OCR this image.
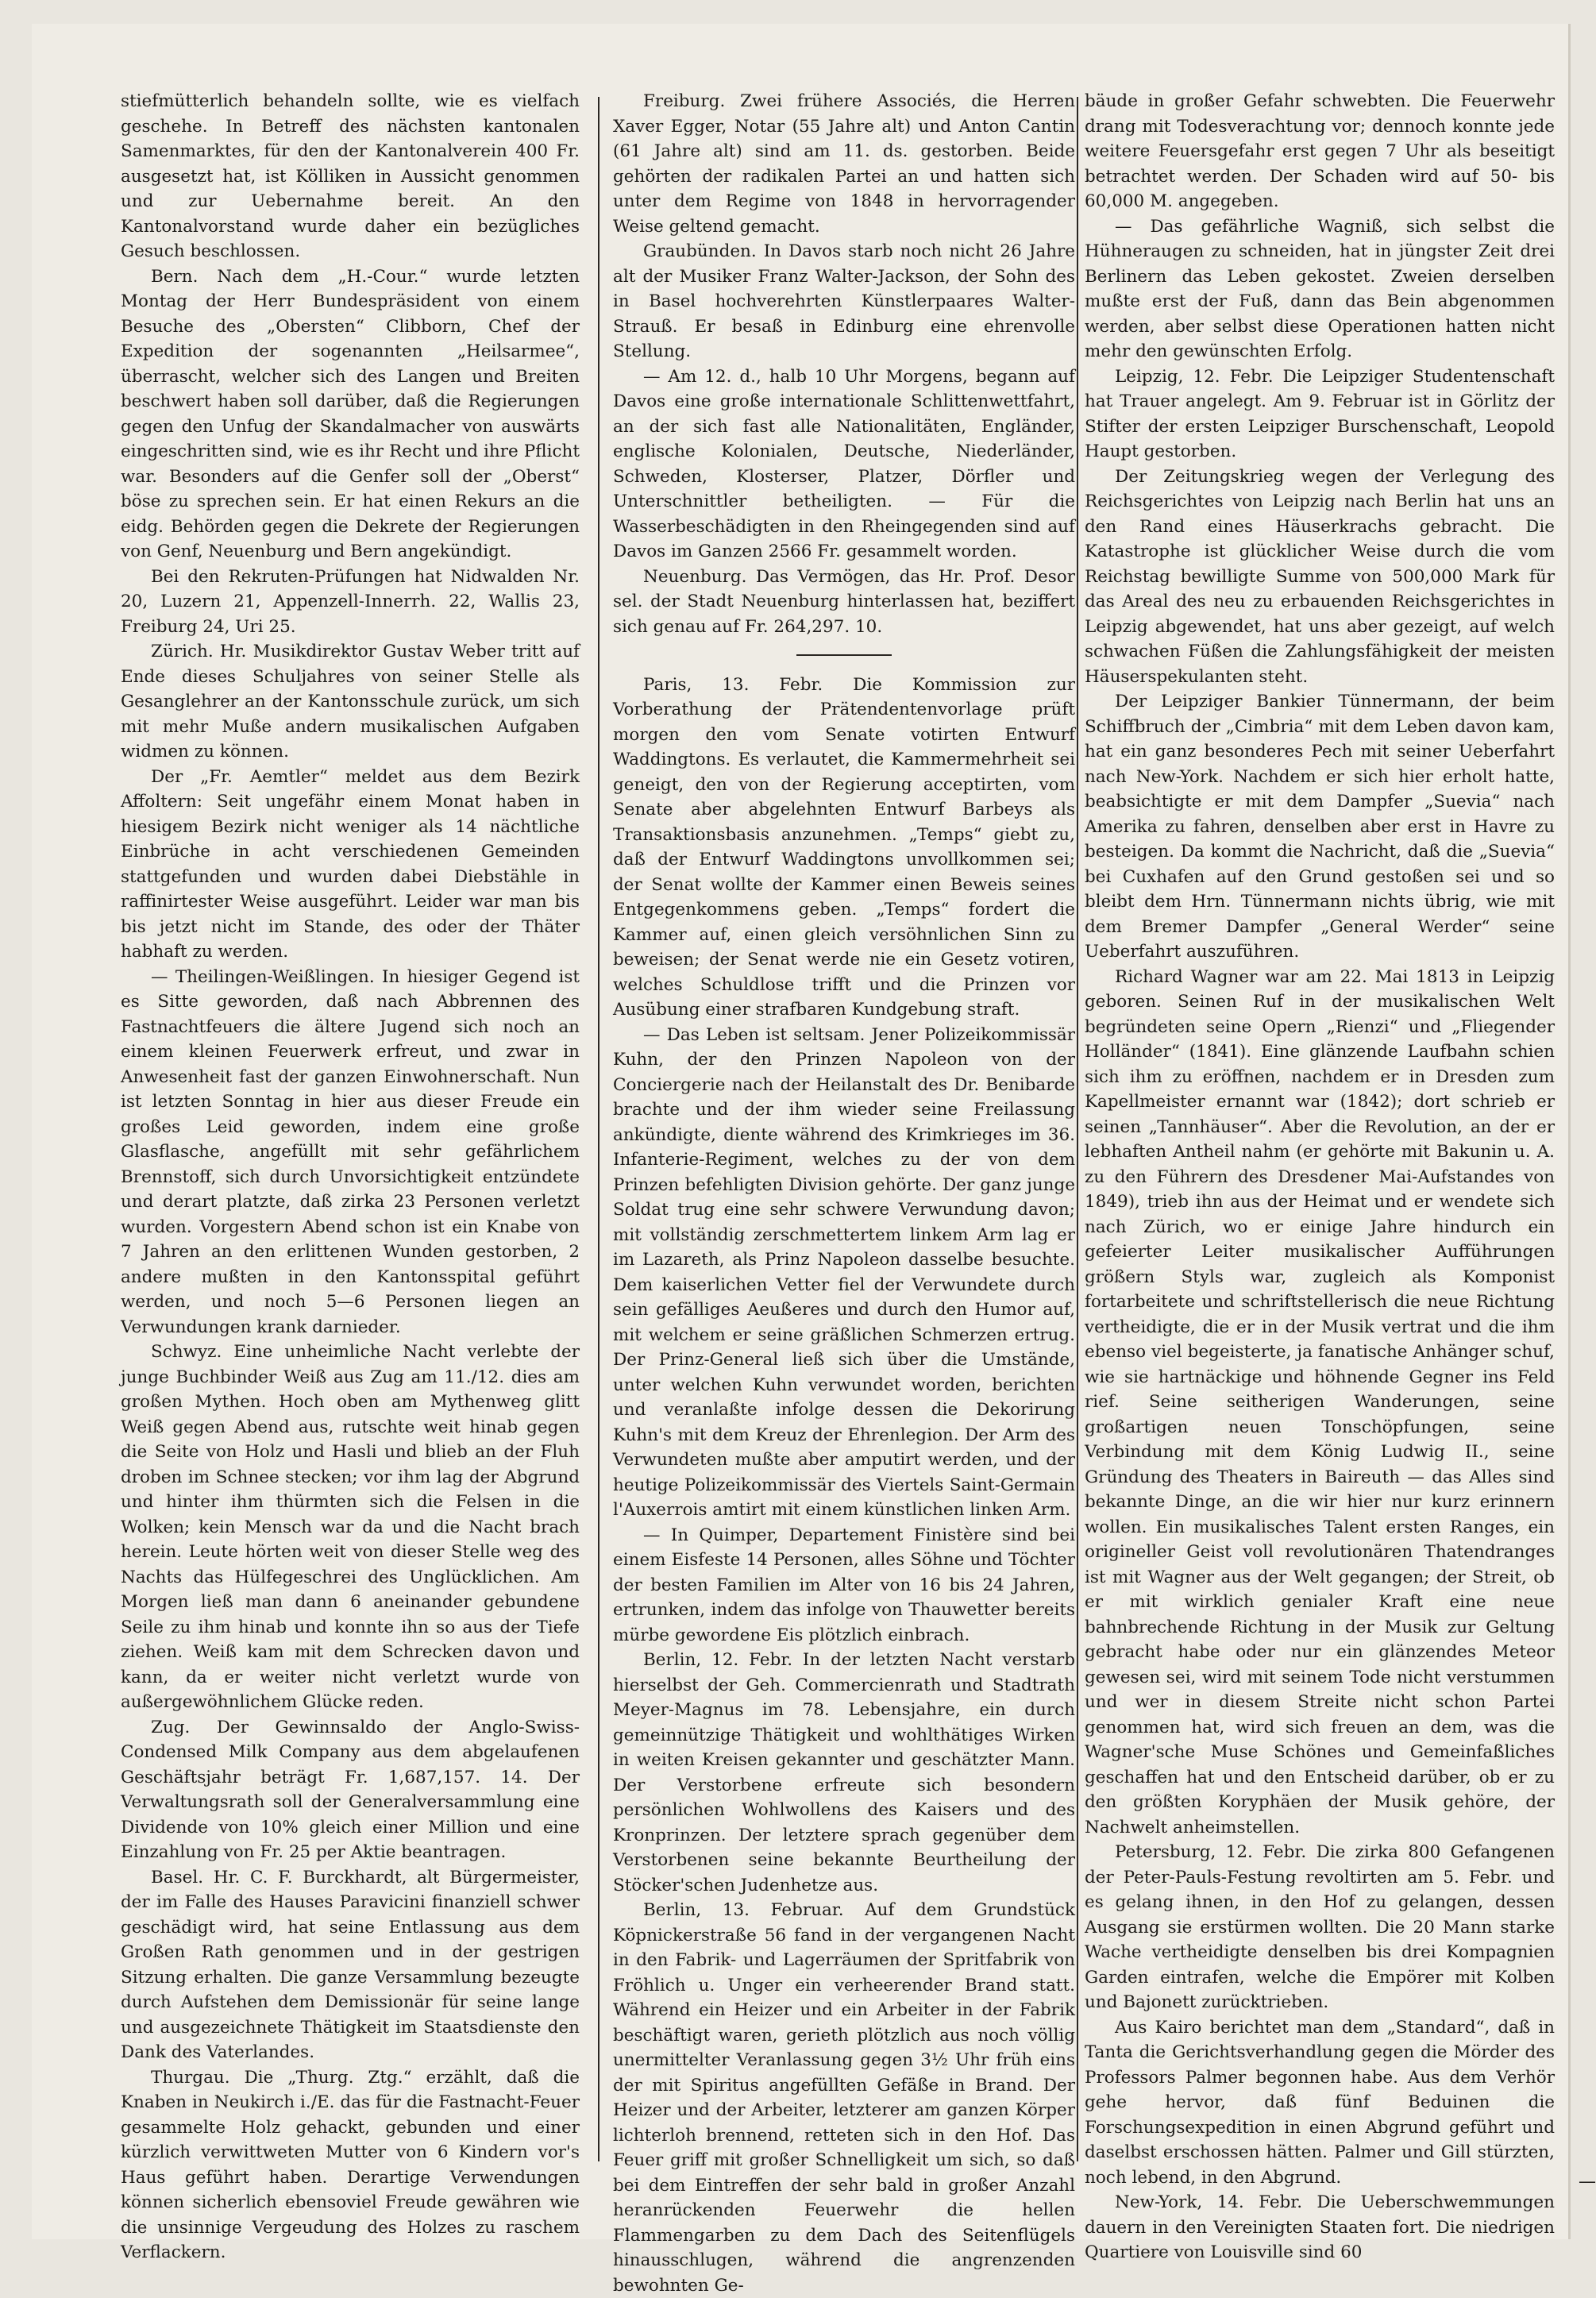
stiefmütterlich behandeln sollte, wie es vielfach geschehe. In Betreff des nächsten kantonalen Samenmarktes, für den der Kantonalverein 400 Fr. ausgesetzt hat, ist Kölliken in Aussicht genommen und zur Uebernahme bereit. An den Kantonalvorstand wurde daher ein bezügliches Gesuch beschlossen.

Bern. Nach dem „H.-Cour.“ wurde letzten Montag der Herr Bundespräsident von einem Besuche des „Obersten“ Clibborn, Chef der Expedition der sogenannten „Heilsarmee“, überrascht, welcher sich des Langen und Breiten beschwert haben soll darüber, daß die Regierungen gegen den Unfug der Skandalmacher von auswärts eingeschritten sind, wie es ihr Recht und ihre Pflicht war. Besonders auf die Genfer soll der „Oberst“ böse zu sprechen sein. Er hat einen Rekurs an die eidg. Behörden gegen die Dekrete der Regierungen von Genf, Neuenburg und Bern angekündigt.

Bei den Rekruten-Prüfungen hat Nidwalden Nr. 20, Luzern 21, Appenzell-Innerrh. 22, Wallis 23, Freiburg 24, Uri 25.

Zürich. Hr. Musikdirektor Gustav Weber tritt auf Ende dieses Schuljahres von seiner Stelle als Gesanglehrer an der Kantonsschule zurück, um sich mit mehr Muße andern musikalischen Aufgaben widmen zu können.

Der „Fr. Aemtler“ meldet aus dem Bezirk Affoltern: Seit ungefähr einem Monat haben in hiesigem Bezirk nicht weniger als 14 nächtliche Einbrüche in acht verschiedenen Gemeinden stattgefunden und wurden dabei Diebstähle in raffinirtester Weise ausgeführt. Leider war man bis bis jetzt nicht im Stande, des oder der Thäter habhaft zu werden.

— Theilingen-Weißlingen. In hiesiger Gegend ist es Sitte geworden, daß nach Abbrennen des Fastnachtfeuers die ältere Jugend sich noch an einem kleinen Feuerwerk erfreut, und zwar in Anwesenheit fast der ganzen Einwohnerschaft. Nun ist letzten Sonntag in hier aus dieser Freude ein großes Leid geworden, indem eine große Glasflasche, angefüllt mit sehr gefährlichem Brennstoff, sich durch Unvorsichtigkeit entzündete und derart platzte, daß zirka 23 Personen verletzt wurden. Vorgestern Abend schon ist ein Knabe von 7 Jahren an den erlittenen Wunden gestorben, 2 andere mußten in den Kantonsspital geführt werden, und noch 5—6 Personen liegen an Verwundungen krank darnieder.

Schwyz. Eine unheimliche Nacht verlebte der junge Buchbinder Weiß aus Zug am 11./12. dies am großen Mythen. Hoch oben am Mythenweg glitt Weiß gegen Abend aus, rutschte weit hinab gegen die Seite von Holz und Hasli und blieb an der Fluh droben im Schnee stecken; vor ihm lag der Abgrund und hinter ihm thürmten sich die Felsen in die Wolken; kein Mensch war da und die Nacht brach herein. Leute hörten weit von dieser Stelle weg des Nachts das Hülfegeschrei des Unglücklichen. Am Morgen ließ man dann 6 aneinander gebundene Seile zu ihm hinab und konnte ihn so aus der Tiefe ziehen. Weiß kam mit dem Schrecken davon und kann, da er weiter nicht verletzt wurde von außergewöhnlichem Glücke reden.

Zug. Der Gewinnsaldo der Anglo-Swiss-Condensed Milk Company aus dem abgelaufenen Geschäftsjahr beträgt Fr. 1,687,157. 14. Der Verwaltungsrath soll der Generalversammlung eine Dividende von 10% gleich einer Million und eine Einzahlung von Fr. 25 per Aktie beantragen.

Basel. Hr. C. F. Burckhardt, alt Bürgermeister, der im Falle des Hauses Paravicini finanziell schwer geschädigt wird, hat seine Entlassung aus dem Großen Rath genommen und in der gestrigen Sitzung erhalten. Die ganze Versammlung bezeugte durch Aufstehen dem Demissionär für seine lange und ausgezeichnete Thätigkeit im Staatsdienste den Dank des Vaterlandes.

Thurgau. Die „Thurg. Ztg.“ erzählt, daß die Knaben in Neukirch i./E. das für die Fastnacht-Feuer gesammelte Holz gehackt, gebunden und einer kürzlich verwittweten Mutter von 6 Kindern vor's Haus geführt haben. Derartige Verwendungen können sicherlich ebensoviel Freude gewähren wie die unsinnige Vergeudung des Holzes zu raschem Verflackern.

Freiburg. Zwei frühere Associés, die Herren Xaver Egger, Notar (55 Jahre alt) und Anton Cantin (61 Jahre alt) sind am 11. ds. gestorben. Beide gehörten der radikalen Partei an und hatten sich unter dem Regime von 1848 in hervorragender Weise geltend gemacht.

Graubünden. In Davos starb noch nicht 26 Jahre alt der Musiker Franz Walter-Jackson, der Sohn des in Basel hochverehrten Künstlerpaares Walter-Strauß. Er besaß in Edinburg eine ehrenvolle Stellung.

— Am 12. d., halb 10 Uhr Morgens, begann auf Davos eine große internationale Schlittenwettfahrt, an der sich fast alle Nationalitäten, Engländer, englische Kolonialen, Deutsche, Niederländer, Schweden, Klosterser, Platzer, Dörfler und Unterschnittler betheiligten. — Für die Wasserbeschädigten in den Rheingegenden sind auf Davos im Ganzen 2566 Fr. gesammelt worden.

Neuenburg. Das Vermögen, das Hr. Prof. Desor sel. der Stadt Neuenburg hinterlassen hat, beziffert sich genau auf Fr. 264,297. 10.

Paris, 13. Febr. Die Kommission zur Vorberathung der Prätendentenvorlage prüft morgen den vom Senate votirten Entwurf Waddingtons. Es verlautet, die Kammermehrheit sei geneigt, den von der Regierung acceptirten, vom Senate aber abgelehnten Entwurf Barbeys als Transaktionsbasis anzunehmen. „Temps“ giebt zu, daß der Entwurf Waddingtons unvollkommen sei; der Senat wollte der Kammer einen Beweis seines Entgegenkommens geben. „Temps“ fordert die Kammer auf, einen gleich versöhnlichen Sinn zu beweisen; der Senat werde nie ein Gesetz votiren, welches Schuldlose trifft und die Prinzen vor Ausübung einer strafbaren Kundgebung straft.

— Das Leben ist seltsam. Jener Polizeikommissär Kuhn, der den Prinzen Napoleon von der Conciergerie nach der Heilanstalt des Dr. Benibarde brachte und der ihm wieder seine Freilassung ankündigte, diente während des Krimkrieges im 36. Infanterie-Regiment, welches zu der von dem Prinzen befehligten Division gehörte. Der ganz junge Soldat trug eine sehr schwere Verwundung davon; mit vollständig zerschmettertem linkem Arm lag er im Lazareth, als Prinz Napoleon dasselbe besuchte. Dem kaiserlichen Vetter fiel der Verwundete durch sein gefälliges Aeußeres und durch den Humor auf, mit welchem er seine gräßlichen Schmerzen ertrug. Der Prinz-General ließ sich über die Umstände, unter welchen Kuhn verwundet worden, berichten und veranlaßte infolge dessen die Dekorirung Kuhn's mit dem Kreuz der Ehrenlegion. Der Arm des Verwundeten mußte aber amputirt werden, und der heutige Polizeikommissär des Viertels Saint-Germain l'Auxerrois amtirt mit einem künstlichen linken Arm.

— In Quimper, Departement Finistère sind bei einem Eisfeste 14 Personen, alles Söhne und Töchter der besten Familien im Alter von 16 bis 24 Jahren, ertrunken, indem das infolge von Thauwetter bereits mürbe gewordene Eis plötzlich einbrach.

Berlin, 12. Febr. In der letzten Nacht verstarb hierselbst der Geh. Commercienrath und Stadtrath Meyer-Magnus im 78. Lebensjahre, ein durch gemeinnützige Thätigkeit und wohlthätiges Wirken in weiten Kreisen gekannter und geschätzter Mann. Der Verstorbene erfreute sich besondern persönlichen Wohlwollens des Kaisers und des Kronprinzen. Der letztere sprach gegenüber dem Verstorbenen seine bekannte Beurtheilung der Stöcker'schen Judenhetze aus.

Berlin, 13. Februar. Auf dem Grundstück Köpnickerstraße 56 fand in der vergangenen Nacht in den Fabrik- und Lagerräumen der Spritfabrik von Fröhlich u. Unger ein verheerender Brand statt. Während ein Heizer und ein Arbeiter in der Fabrik beschäftigt waren, gerieth plötzlich aus noch völlig unermittelter Veranlassung gegen 3½ Uhr früh eins der mit Spiritus angefüllten Gefäße in Brand. Der Heizer und der Arbeiter, letzterer am ganzen Körper lichterloh brennend, retteten sich in den Hof. Das Feuer griff mit großer Schnelligkeit um sich, so daß bei dem Eintreffen der sehr bald in großer Anzahl heranrückenden Feuerwehr die hellen Flammengarben zu dem Dach des Seitenflügels hinausschlugen, während die angrenzenden bewohnten Ge-

bäude in großer Gefahr schwebten. Die Feuerwehr drang mit Todesverachtung vor; dennoch konnte jede weitere Feuersgefahr erst gegen 7 Uhr als beseitigt betrachtet werden. Der Schaden wird auf 50- bis 60,000 M. angegeben.

— Das gefährliche Wagniß, sich selbst die Hühneraugen zu schneiden, hat in jüngster Zeit drei Berlinern das Leben gekostet. Zweien derselben mußte erst der Fuß, dann das Bein abgenommen werden, aber selbst diese Operationen hatten nicht mehr den gewünschten Erfolg.

Leipzig, 12. Febr. Die Leipziger Studentenschaft hat Trauer angelegt. Am 9. Februar ist in Görlitz der Stifter der ersten Leipziger Burschenschaft, Leopold Haupt gestorben.

Der Zeitungskrieg wegen der Verlegung des Reichsgerichtes von Leipzig nach Berlin hat uns an den Rand eines Häuserkrachs gebracht. Die Katastrophe ist glücklicher Weise durch die vom Reichstag bewilligte Summe von 500,000 Mark für das Areal des neu zu erbauenden Reichsgerichtes in Leipzig abgewendet, hat uns aber gezeigt, auf welch schwachen Füßen die Zahlungsfähigkeit der meisten Häuserspekulanten steht.

Der Leipziger Bankier Tünnermann, der beim Schiffbruch der „Cimbria“ mit dem Leben davon kam, hat ein ganz besonderes Pech mit seiner Ueberfahrt nach New-York. Nachdem er sich hier erholt hatte, beabsichtigte er mit dem Dampfer „Suevia“ nach Amerika zu fahren, denselben aber erst in Havre zu besteigen. Da kommt die Nachricht, daß die „Suevia“ bei Cuxhafen auf den Grund gestoßen sei und so bleibt dem Hrn. Tünnermann nichts übrig, wie mit dem Bremer Dampfer „General Werder“ seine Ueberfahrt auszuführen.

Richard Wagner war am 22. Mai 1813 in Leipzig geboren. Seinen Ruf in der musikalischen Welt begründeten seine Opern „Rienzi“ und „Fliegender Holländer“ (1841). Eine glänzende Laufbahn schien sich ihm zu eröffnen, nachdem er in Dresden zum Kapellmeister ernannt war (1842); dort schrieb er seinen „Tannhäuser“. Aber die Revolution, an der er lebhaften Antheil nahm (er gehörte mit Bakunin u. A. zu den Führern des Dresdener Mai-Aufstandes von 1849), trieb ihn aus der Heimat und er wendete sich nach Zürich, wo er einige Jahre hindurch ein gefeierter Leiter musikalischer Aufführungen größern Styls war, zugleich als Komponist fortarbeitete und schriftstellerisch die neue Richtung vertheidigte, die er in der Musik vertrat und die ihm ebenso viel begeisterte, ja fanatische Anhänger schuf, wie sie hartnäckige und höhnende Gegner ins Feld rief. Seine seitherigen Wanderungen, seine großartigen neuen Tonschöpfungen, seine Verbindung mit dem König Ludwig II., seine Gründung des Theaters in Baireuth — das Alles sind bekannte Dinge, an die wir hier nur kurz erinnern wollen. Ein musikalisches Talent ersten Ranges, ein origineller Geist voll revolutionären Thatendranges ist mit Wagner aus der Welt gegangen; der Streit, ob er mit wirklich genialer Kraft eine neue bahnbrechende Richtung in der Musik zur Geltung gebracht habe oder nur ein glänzendes Meteor gewesen sei, wird mit seinem Tode nicht verstummen und wer in diesem Streite nicht schon Partei genommen hat, wird sich freuen an dem, was die Wagner'sche Muse Schönes und Gemeinfaßliches geschaffen hat und den Entscheid darüber, ob er zu den größten Koryphäen der Musik gehöre, der Nachwelt anheimstellen.

Petersburg, 12. Febr. Die zirka 800 Gefangenen der Peter-Pauls-Festung revoltirten am 5. Febr. und es gelang ihnen, in den Hof zu gelangen, dessen Ausgang sie erstürmen wollten. Die 20 Mann starke Wache vertheidigte denselben bis drei Kompagnien Garden eintrafen, welche die Empörer mit Kolben und Bajonett zurücktrieben.

Aus Kairo berichtet man dem „Standard“, daß in Tanta die Gerichtsverhandlung gegen die Mörder des Professors Palmer begonnen habe. Aus dem Verhör gehe hervor, daß fünf Beduinen die Forschungsexpedition in einen Abgrund geführt und daselbst erschossen hätten. Palmer und Gill stürzten, noch lebend, in den Abgrund.

New-York, 14. Febr. Die Ueberschwemmungen dauern in den Vereinigten Staaten fort. Die niedrigen Quartiere von Louisville sind 60

—
